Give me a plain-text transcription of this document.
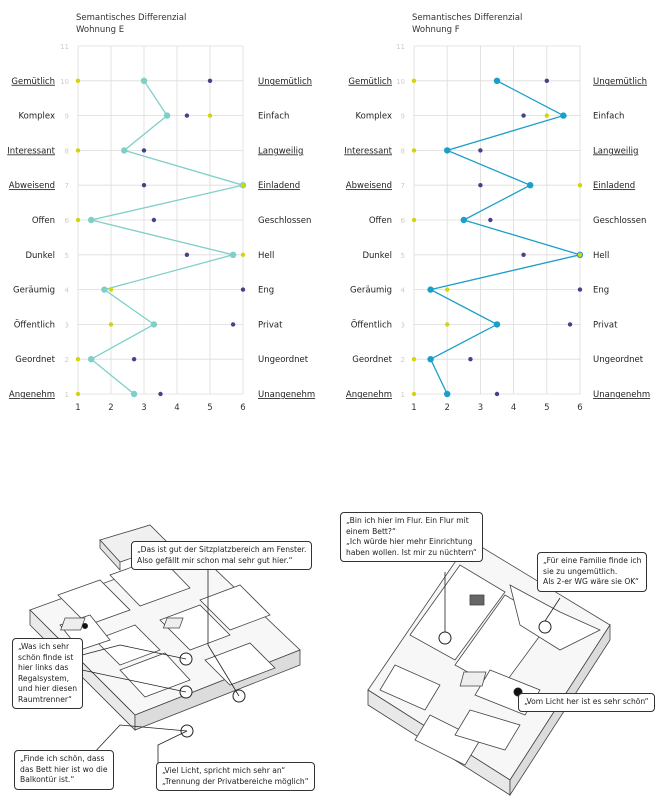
Semantisches Differenzial
Wohnung E
Semantisches Differenzial
Wohnung F
1	2	3	4	5	6
1
2
3
4
5
6
7
8
9
10
11
Gemütlich	Ungemütlich
Komplex	Einfach
Interessant	Langweilig
Abweisend	Einladend
Offen	Geschlossen
Dunkel	Hell
Geräumig	Eng
Öffentlich	Privat
Geordnet	Ungeordnet
Angenehm	Unangenehm
1	2	3	4	5	6
1
2
3
4
5
6
7
8
9
10
11
Gemütlich	Ungemütlich
Komplex	Einfach
Interessant	Langweilig
Abweisend	Einladend
Offen	Geschlossen
Dunkel	Hell
Geräumig	Eng
Öffentlich	Privat
Geordnet	Ungeordnet
Angenehm	Unangenehm
„Das ist gut der Sitzplatzbereich am Fenster.
Also gefällt mir schon mal sehr gut hier.“
„Was ich sehr
schön finde ist
hier links das
Regalsystem,
und hier diesen
Raumtrenner“
„Finde ich schön, dass
das Bett hier ist wo die
Balkontür ist.“
„Viel Licht, spricht mich sehr an“
„Trennung der Privatbereiche möglich“
„Bin ich hier im Flur. Ein Flur mit
einem Bett?“
„Ich würde hier mehr Einrichtung
haben wollen. Ist mir zu nüchtern“
„Für eine Familie finde ich
sie zu ungemütlich.
Als 2-er WG wäre sie OK“
„Vom Licht her ist es sehr schön“
